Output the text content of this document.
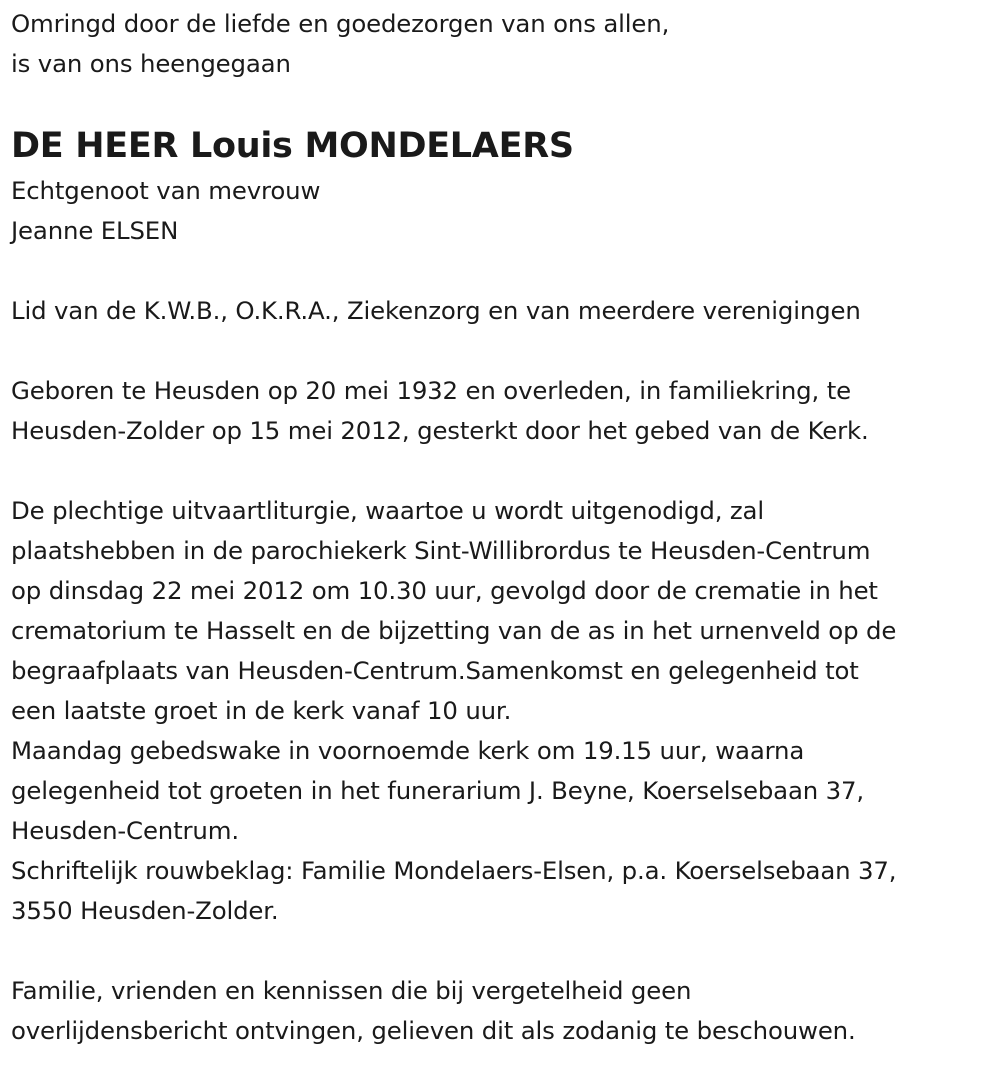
Omringd door de liefde en goedezorgen van ons allen,
is van ons heengegaan
DE HEER Louis MONDELAERS
Echtgenoot van mevrouw
Jeanne ELSEN
Lid van de K.W.B., O.K.R.A., Ziekenzorg en van meerdere verenigingen
Geboren te Heusden op 20 mei 1932 en overleden, in familiekring, te
Heusden-Zolder op 15 mei 2012, gesterkt door het gebed van de Kerk.
De plechtige uitvaartliturgie, waartoe u wordt uitgenodigd, zal
plaatshebben in de parochiekerk Sint-Willibrordus te Heusden-Centrum
op dinsdag 22 mei 2012 om 10.30 uur, gevolgd door de crematie in het
crematorium te Hasselt en de bijzetting van de as in het urnenveld op de
begraafplaats van Heusden-Centrum.Samenkomst en gelegenheid tot
een laatste groet in de kerk vanaf 10 uur.
Maandag gebedswake in voornoemde kerk om 19.15 uur, waarna
gelegenheid tot groeten in het funerarium J. Beyne, Koerselsebaan 37,
Heusden-Centrum.
Schriftelijk rouwbeklag: Familie Mondelaers-Elsen, p.a. Koerselsebaan 37,
3550 Heusden-Zolder.
Familie, vrienden en kennissen die bij vergetelheid geen
overlijdensbericht ontvingen, gelieven dit als zodanig te beschouwen.
